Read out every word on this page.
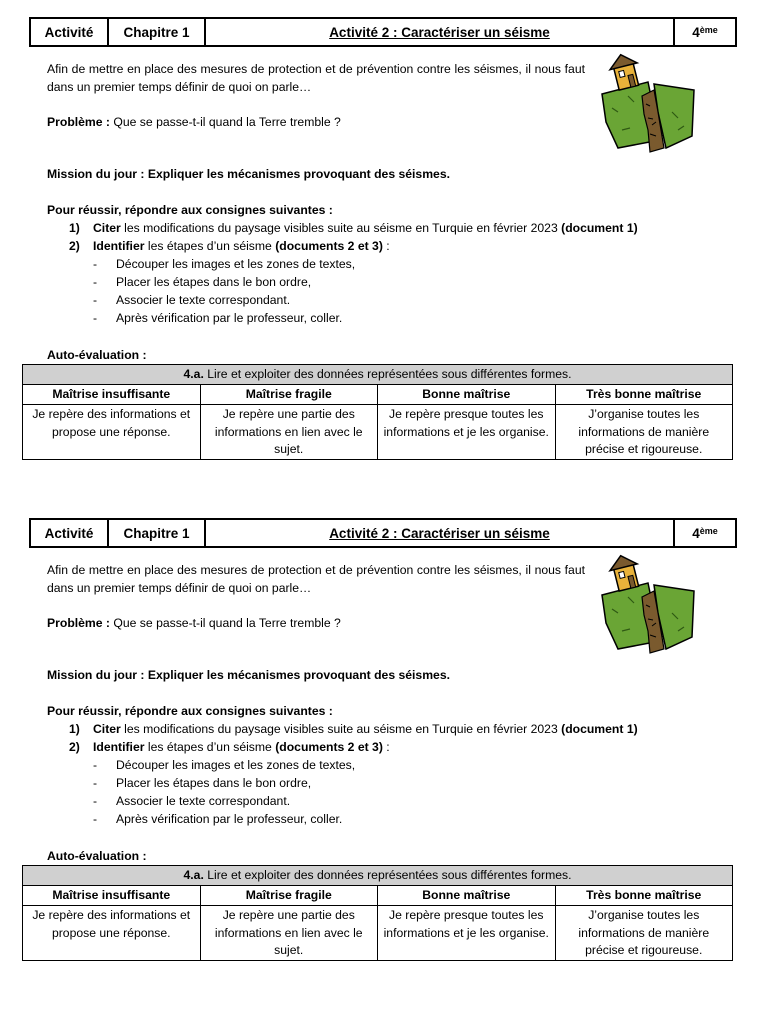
Activité	Chapitre 1	Activité 2 : Caractériser un séisme	4ème

Afin de mettre en place des mesures de protection et de prévention contre les séismes, il nous faut dans un premier temps définir de quoi on parle…

Problème : Que se passe-t-il quand la Terre tremble ?

Mission du jour : Expliquer les mécanismes provoquant des séismes.

Pour réussir, répondre aux consignes suivantes :

1) Citer les modifications du paysage visibles suite au séisme en Turquie en février 2023 (document 1)
2) Identifier les étapes d’un séisme (documents 2 et 3) :
- Découper les images et les zones de textes,
- Placer les étapes dans le bon ordre,
- Associer le texte correspondant.
- Après vérification par le professeur, coller.

Auto-évaluation :

4.a. Lire et exploiter des données représentées sous différentes formes.			
Maîtrise insuffisante	Maîtrise fragile	Bonne maîtrise	Très bonne maîtrise
Je repère des informations et propose une réponse.	Je repère une partie des informations en lien avec le sujet.	Je repère presque toutes les informations et je les organise.	J’organise toutes les informations de manière précise et rigoureuse.
Activité	Chapitre 1	Activité 2 : Caractériser un séisme	4ème

Afin de mettre en place des mesures de protection et de prévention contre les séismes, il nous faut dans un premier temps définir de quoi on parle…

Problème : Que se passe-t-il quand la Terre tremble ?

Mission du jour : Expliquer les mécanismes provoquant des séismes.

Pour réussir, répondre aux consignes suivantes :

1) Citer les modifications du paysage visibles suite au séisme en Turquie en février 2023 (document 1)
2) Identifier les étapes d’un séisme (documents 2 et 3) :
- Découper les images et les zones de textes,
- Placer les étapes dans le bon ordre,
- Associer le texte correspondant.
- Après vérification par le professeur, coller.

Auto-évaluation :

4.a. Lire et exploiter des données représentées sous différentes formes.			
Maîtrise insuffisante	Maîtrise fragile	Bonne maîtrise	Très bonne maîtrise
Je repère des informations et propose une réponse.	Je repère une partie des informations en lien avec le sujet.	Je repère presque toutes les informations et je les organise.	J’organise toutes les informations de manière précise et rigoureuse.
